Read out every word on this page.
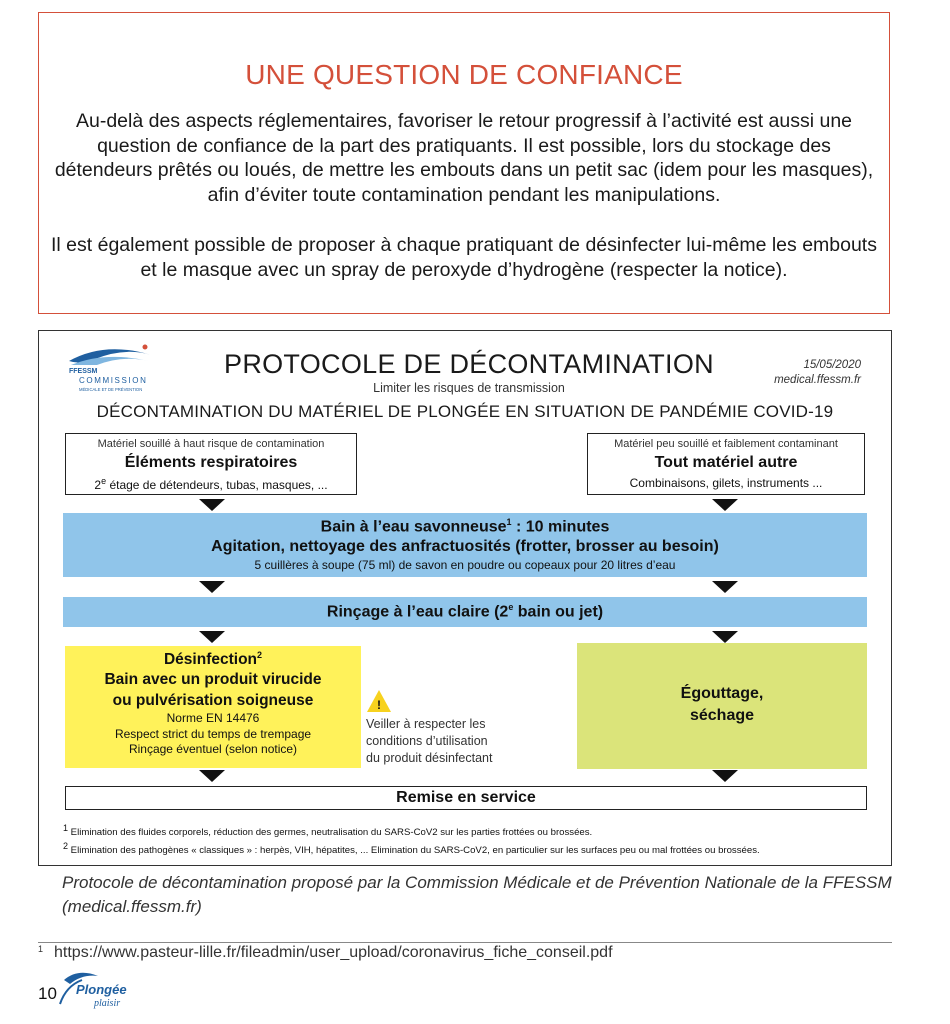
UNE QUESTION DE CONFIANCE
Au-delà des aspects réglementaires, favoriser le retour progressif à l’activité est aussi une question de confiance de la part des pratiquants. Il est possible, lors du stockage des détendeurs prêtés ou loués, de mettre les embouts dans un petit sac (idem pour les masques), afin d’éviter toute contamination pendant les manipulations.
Il est également possible de proposer à chaque pratiquant de désinfecter lui-même les embouts et le masque avec un spray de peroxyde d’hydrogène (respecter la notice).
FFESSM
COMMISSION
MÉDICALE ET DE PRÉVENTION
PROTOCOLE DE DÉCONTAMINATION
Limiter les risques de transmission
15/05/2020
medical.ffessm.fr
DÉCONTAMINATION DU MATÉRIEL DE PLONGÉE EN SITUATION DE PANDÉMIE COVID-19
Matériel souillé à haut risque de contamination
Éléments respiratoires
2e étage de détendeurs, tubas, masques, ...
Matériel peu souillé et faiblement contaminant
Tout matériel autre
Combinaisons, gilets, instruments ...
Bain à l’eau savonneuse$^1$ : 10 minutes
Agitation, nettoyage des anfractuosités (frotter, brosser au besoin)
5 cuillères à soupe (75 ml) de savon en poudre ou copeaux pour 20 litres d’eau
Rinçage à l’eau claire (2e bain ou jet)
Désinfection$^2$
Bain avec un produit virucide
ou pulvérisation soigneuse
Norme EN 14476
Respect strict du temps de trempage
Rinçage éventuel (selon notice)
!
Veiller à respecter les
conditions d’utilisation
du produit désinfectant
Égouttage,
séchage
Remise en service
$^1$ Elimination des fluides corporels, réduction des germes, neutralisation du SARS-CoV2 sur les parties frottées ou brossées.
$^2$ Elimination des pathogènes « classiques » : herpès, VIH, hépatites, ... Elimination du SARS-CoV2, en particulier sur les surfaces peu ou mal frottées ou brossées.
Protocole de décontamination proposé par la Commission Médicale et de Prévention Nationale de la FFESSM (medical.ffessm.fr)
1 https://www.pasteur-lille.fr/fileadmin/user_upload/coronavirus_fiche_conseil.pdf
10 Plongée
plaisir
